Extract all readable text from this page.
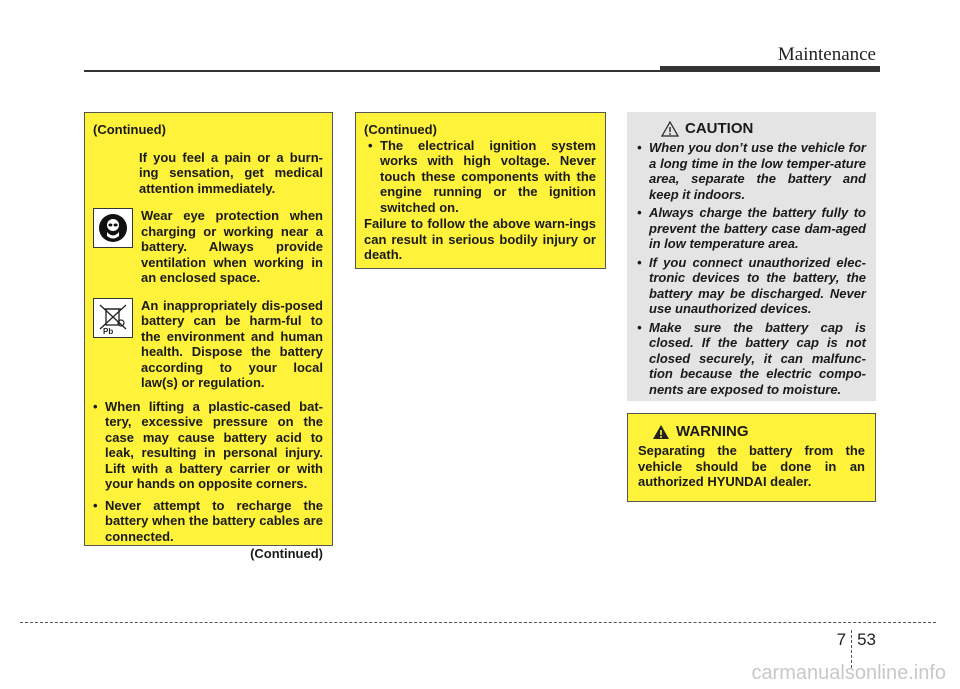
Maintenance

(Continued)

If you feel a pain or a burn-ing sensation, get medical attention immediately.

Wear eye protection when charging or working near a battery. Always provide ventilation when working in an enclosed space.

Pb

An inappropriately dis-posed battery can be harm-ful to the environment and human health. Dispose the battery according to your local law(s) or regulation.

• When lifting a plastic-cased bat-tery, excessive pressure on the case may cause battery acid to leak, resulting in personal injury. Lift with a battery carrier or with your hands on opposite corners.
• Never attempt to recharge the battery when the battery cables are connected.

(Continued)

(Continued)

• The electrical ignition system works with high voltage. Never touch these components with the engine running or the ignition switched on.

Failure to follow the above warn-ings can result in serious bodily injury or death.

CAUTION
• When you don’t use the vehicle for a long time in the low temper-ature area, separate the battery and keep it indoors.
• Always charge the battery fully to prevent the battery case dam-aged in low temperature area.
• If you connect unauthorized elec-tronic devices to the battery, the battery may be discharged. Never use unauthorized devices.
• Make sure the battery cap is closed. If the battery cap is not closed securely, it can malfunc-tion because the electric compo-nents are exposed to moisture.
WARNING

Separating the battery from the vehicle should be done in an authorized HYUNDAI dealer.

7 53
carmanualsonline.info
